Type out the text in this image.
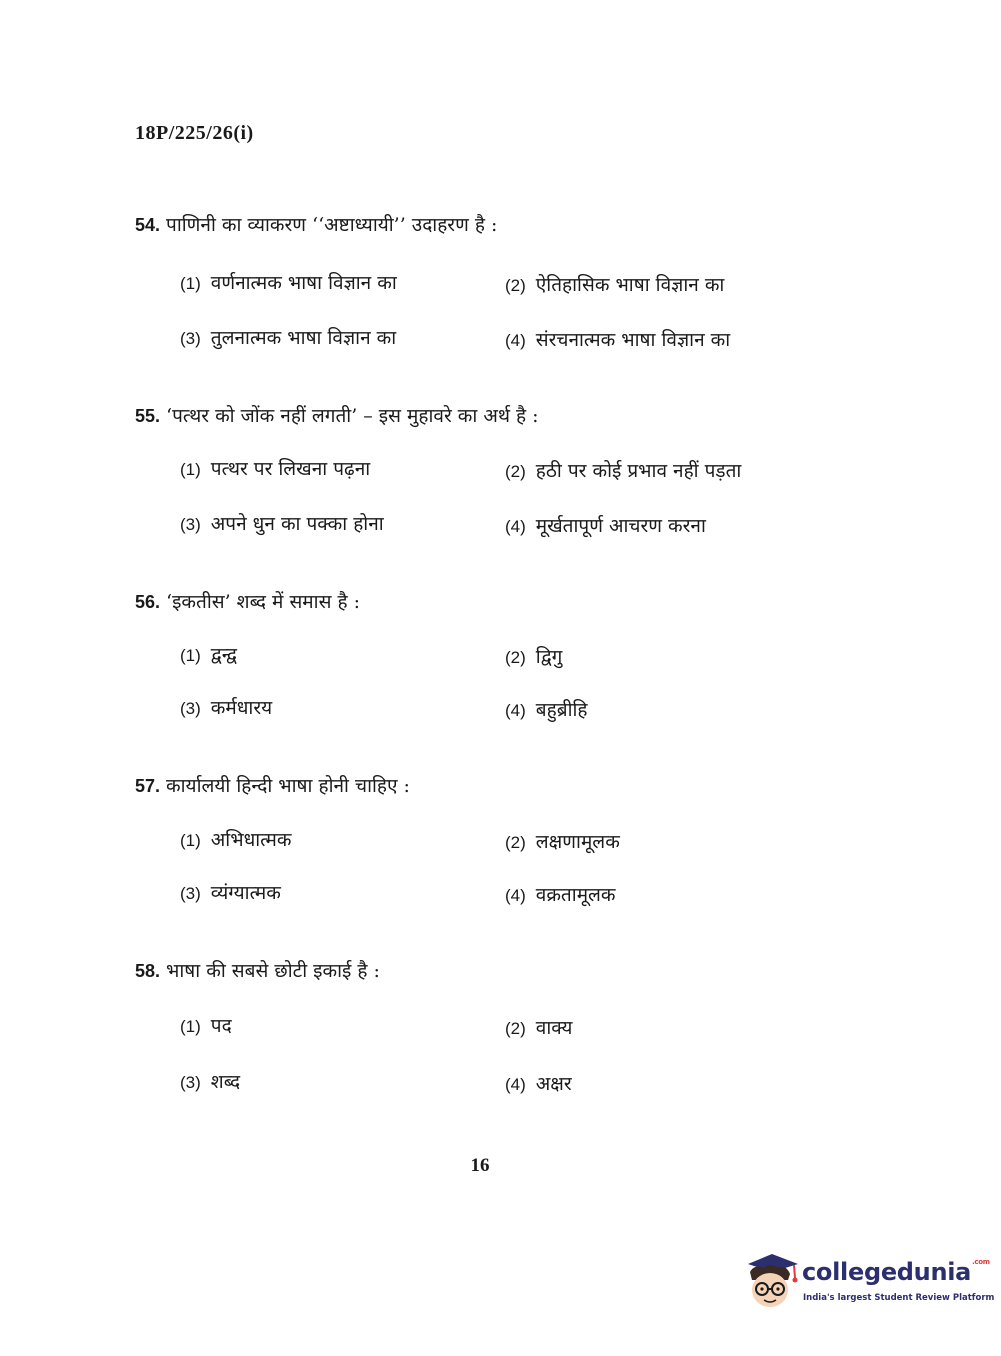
18P/225/26(i)
54. पाणिनी का व्याकरण ‘‘अष्टाध्यायी’’ उदाहरण है :
(1) वर्णनात्मक भाषा विज्ञान का	(2) ऐतिहासिक भाषा विज्ञान का
(3) तुलनात्मक भाषा विज्ञान का	(4) संरचनात्मक भाषा विज्ञान का
55. ‘पत्थर को जोंक नहीं लगती’ – इस मुहावरे का अर्थ है :
(1) पत्थर पर लिखना पढ़ना	(2) हठी पर कोई प्रभाव नहीं पड़ता
(3) अपने धुन का पक्का होना	(4) मूर्खतापूर्ण आचरण करना
56. ‘इकतीस’ शब्द में समास है :
(1) द्वन्द्व	(2) द्विगु
(3) कर्मधारय	(4) बहुब्रीहि
57. कार्यालयी हिन्दी भाषा होनी चाहिए :
(1) अभिधात्मक	(2) लक्षणामूलक
(3) व्यंग्यात्मक	(4) वक्रतामूलक
58. भाषा की सबसे छोटी इकाई है :
(1) पद	(2) वाक्य
(3) शब्द	(4) अक्षर
16
collegedunia$^{.com}$
India's largest Student Review Platform
